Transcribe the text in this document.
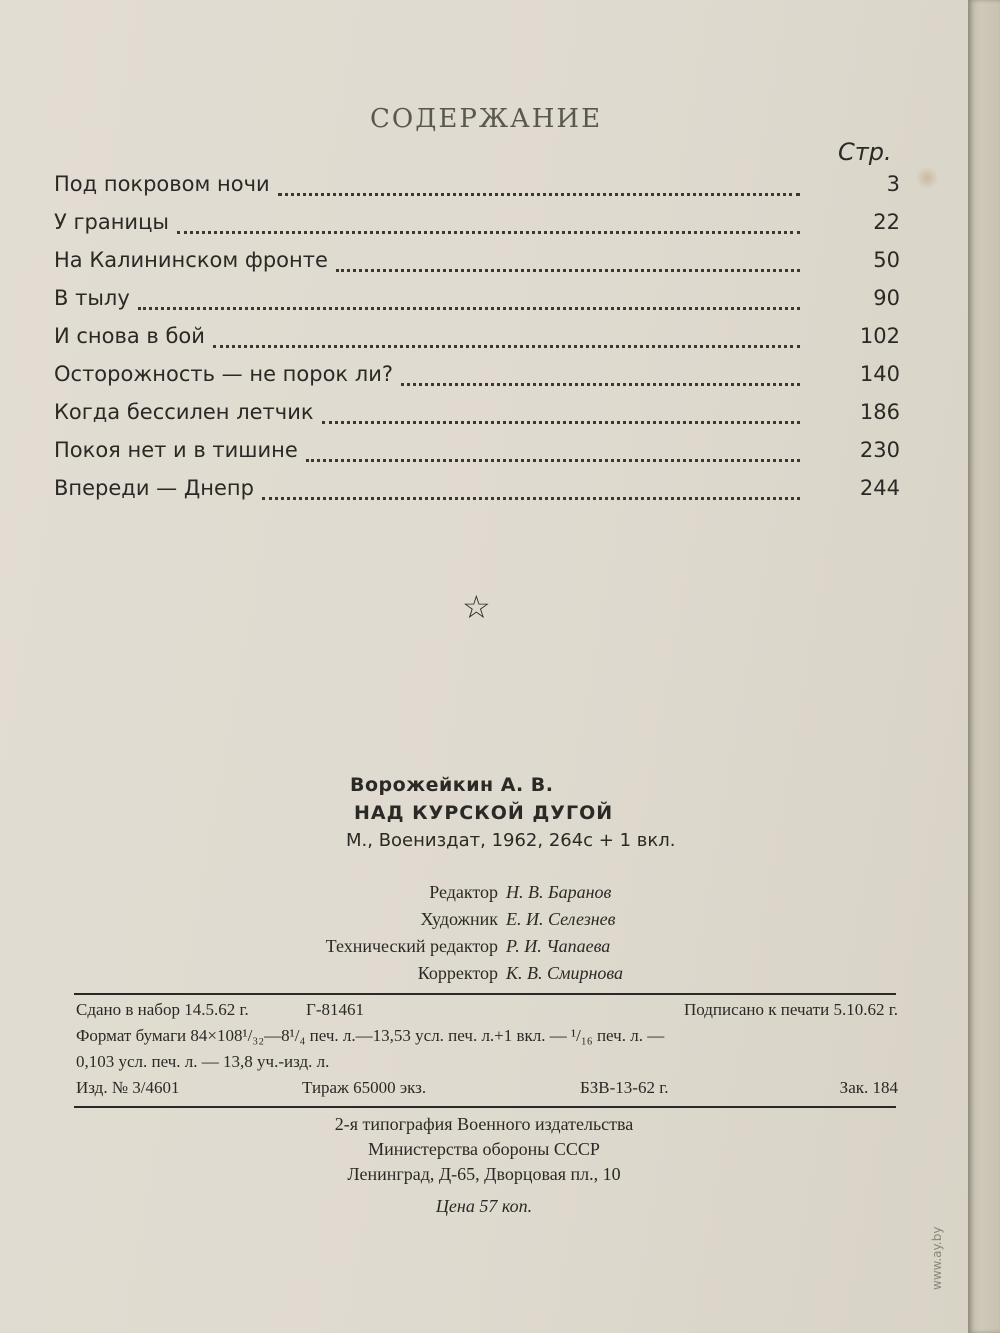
СОДЕРЖАНИЕ
Стр.
Под покровом ночи	3
У границы	22
На Калининском фронте	50
В тылу	90
И снова в бой	102
Осторожность — не порок ли?	140
Когда бессилен летчик	186
Покоя нет и в тишине	230
Впереди — Днепр	244
☆
Ворожейкин А. В.
НАД КУРСКОЙ ДУГОЙ
М., Воениздат, 1962, 264с + 1 вкл.
Редактор Н. В. Баранов
Художник Е. И. Селезнев
Технический редактор Р. И. Чапаева
Корректор К. В. Смирнова
Сдано в набор 14.5.62 г.	Г-81461	Подписано к печати 5.10.62 г.
Формат бумаги 84×108¹/₃₂—8¹/₄ печ. л.—13,53 усл. печ. л.+1 вкл. — ¹/₁₆ печ. л. —
0,103 усл. печ. л. — 13,8 уч.-изд. л.
Изд. № 3/4601	Тираж 65000 экз.	БЗВ-13-62 г.	Зак. 184
2-я типография Военного издательства
Министерства обороны СССР
Ленинград, Д-65, Дворцовая пл., 10
Цена 57 коп.
www.ay.by
